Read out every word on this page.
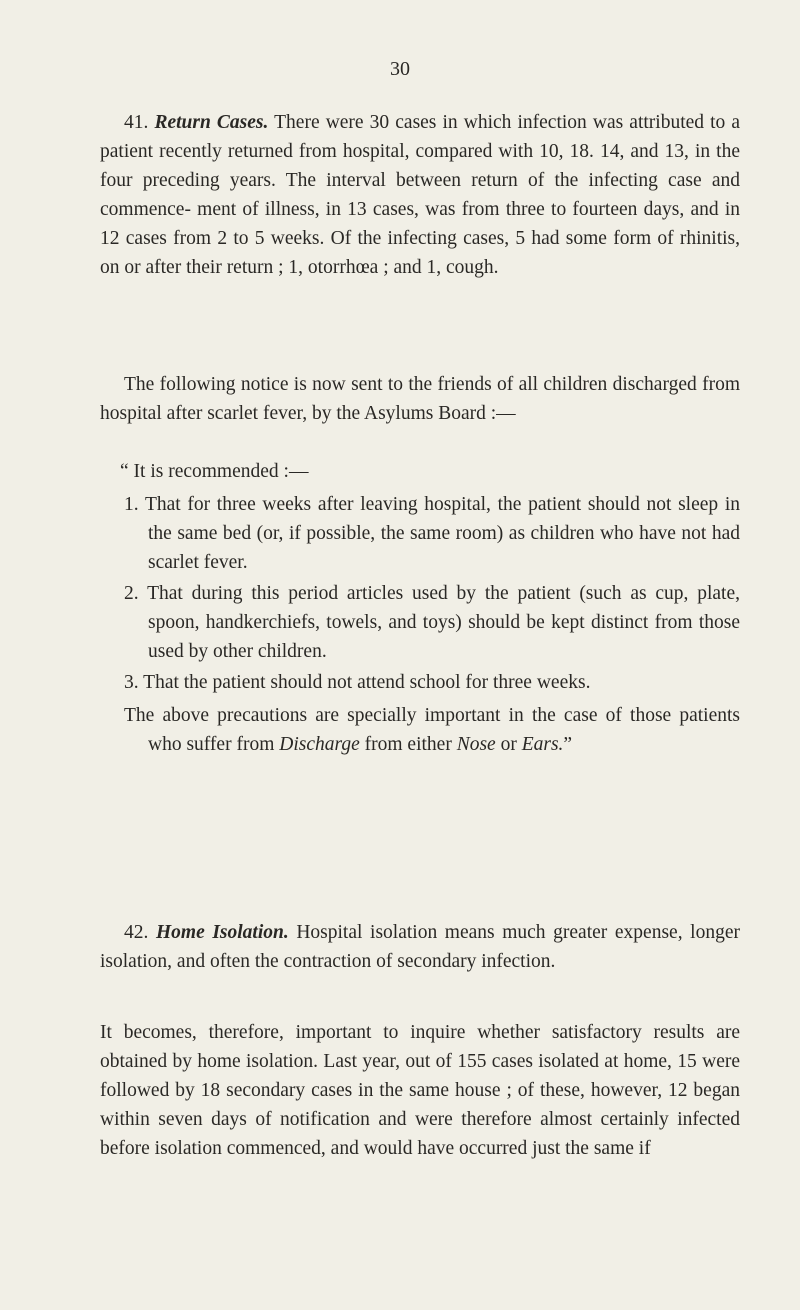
30

41. Return Cases. There were 30 cases in which infection was attributed to a patient recently returned from hospital, compared with 10, 18. 14, and 13, in the four preceding years. The interval between return of the infecting case and commence- ment of illness, in 13 cases, was from three to fourteen days, and in 12 cases from 2 to 5 weeks. Of the infecting cases, 5 had some form of rhinitis, on or after their return ; 1, otorrhœa ; and 1, cough.

The following notice is now sent to the friends of all children discharged from hospital after scarlet fever, by the Asylums Board :—

“ It is recommended :—

1. That for three weeks after leaving hospital, the patient should not sleep in the same bed (or, if possible, the same room) as children who have not had scarlet fever.

2. That during this period articles used by the patient (such as cup, plate, spoon, handkerchiefs, towels, and toys) should be kept distinct from those used by other children.

3. That the patient should not attend school for three weeks.

The above precautions are specially important in the case of those patients who suffer from Discharge from either Nose or Ears.”

42. Home Isolation. Hospital isolation means much greater expense, longer isolation, and often the contraction of secondary infection.

It becomes, therefore, important to inquire whether satisfactory results are obtained by home isolation. Last year, out of 155 cases isolated at home, 15 were followed by 18 secondary cases in the same house ; of these, however, 12 began within seven days of notification and were therefore almost certainly infected before isolation commenced, and would have occurred just the same if
